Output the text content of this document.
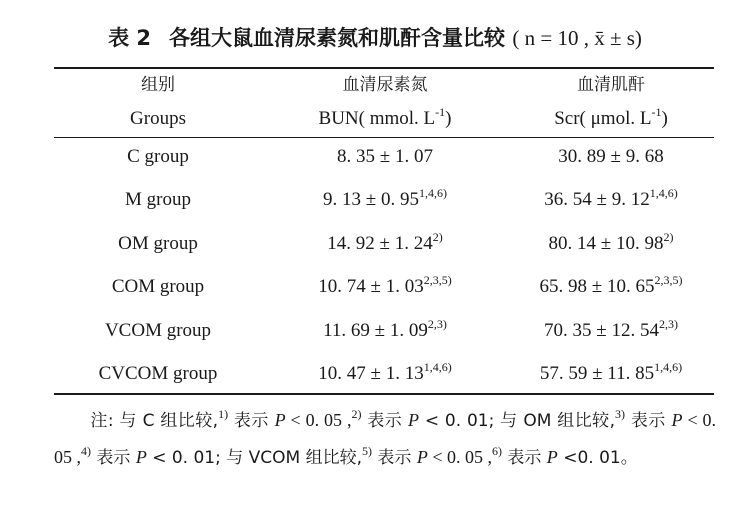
表 2 各组大鼠血清尿素氮和肌酐含量比较 ( n = 10 , x̄ ± s)
组别	血清尿素氮	血清肌酐
Groups	BUN( mmol. $L^{-1}$)	Scr( μmol. $L^{-1}$)
C group	8. 35 ± 1. 07	30. 89 ± 9. 68
M group	9. 13 ± 0. 95$^{1,4,6)}$	36. 54 ± 9. 12$^{1,4,6)}$
OM group	14. 92 ± 1. 24$^{2)}$	80. 14 ± 10. 98$^{2)}$
COM group	10. 74 ± 1. 03$^{2,3,5)}$	65. 98 ± 10. 65$^{2,3,5)}$
VCOM group	11. 69 ± 1. 09$^{2,3)}$	70. 35 ± 12. 54$^{2,3)}$
CVCOM group	10. 47 ± 1. 13$^{1,4,6)}$	57. 59 ± 11. 85$^{1,4,6)}$
  注: 与 C 组比较,$^{1)}$ 表示 P < 0. 05 ,$^{2)}$ 表示 P < 0. 01; 与 OM 组比较,$^{3)}$ 表示 P < 0. 05 ,$^{4)}$ 表示 P < 0. 01; 与 VCOM 组比较,$^{5)}$ 表示 P < 0. 05 ,$^{6)}$ 表示 P <0. 01。
